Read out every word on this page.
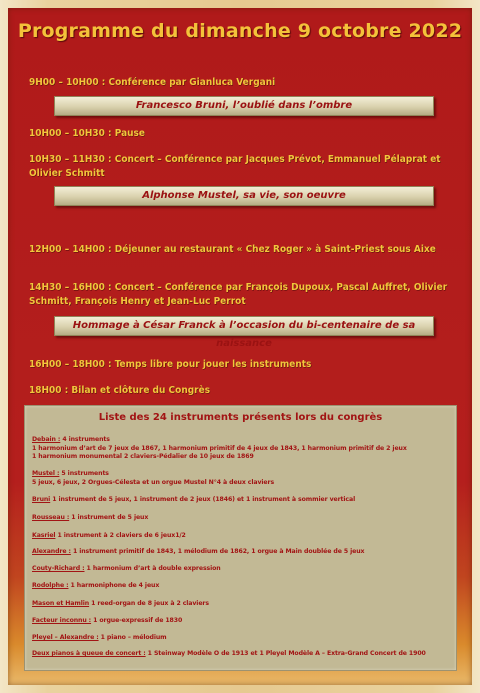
Programme du dimanche 9 octobre 2022
9H00 – 10H00 : Conférence par Gianluca Vergani
Francesco Bruni, l’oublié dans l’ombre
10H00 – 10H30 : Pause
10H30 – 11H30 : Concert – Conférence par Jacques Prévot, Emmanuel Pélaprat et
Olivier Schmitt
Alphonse Mustel, sa vie, son oeuvre
12H00 – 14H00 : Déjeuner au restaurant « Chez Roger » à Saint-Priest sous Aixe
14H30 – 16H00 : Concert – Conférence par François Dupoux, Pascal Auffret, Olivier
Schmitt, François Henry et Jean-Luc Perrot
Hommage à César Franck à l’occasion du bi-centenaire de sa naissance
16H00 – 18H00 : Temps libre pour jouer les instruments
18H00 : Bilan et clôture du Congrès
Liste des 24 instruments présents lors du congrès
Debain : 4 instruments
1 harmonium d’art de 7 jeux de 1867, 1 harmonium primitif de 4 jeux de 1843, 1 harmonium primitif de 2 jeux
1 harmonium monumental 2 claviers-Pédalier de 10 jeux de 1869
Mustel : 5 instruments
5 jeux, 6 jeux, 2 Orgues-Célesta et un orgue Mustel N°4 à deux claviers
Bruni 1 instrument de 5 jeux, 1 instrument de 2 jeux (1846) et 1 instrument à sommier vertical
Rousseau : 1 instrument de 5 jeux
Kasriel 1 instrument à 2 claviers de 6 jeux1/2
Alexandre : 1 instrument primitif de 1843, 1 mélodium de 1862, 1 orgue à Main doublée de 5 jeux
Couty-Richard : 1 harmonium d’art à double expression
Rodolphe : 1 harmoniphone de 4 jeux
Mason et Hamlin 1 reed-organ de 8 jeux à 2 claviers
Facteur inconnu : 1 orgue-expressif de 1830
Pleyel – Alexandre : 1 piano – mélodium
Deux pianos à queue de concert : 1 Steinway Modèle O de 1913 et 1 Pleyel Modèle A – Extra-Grand Concert de 1900
